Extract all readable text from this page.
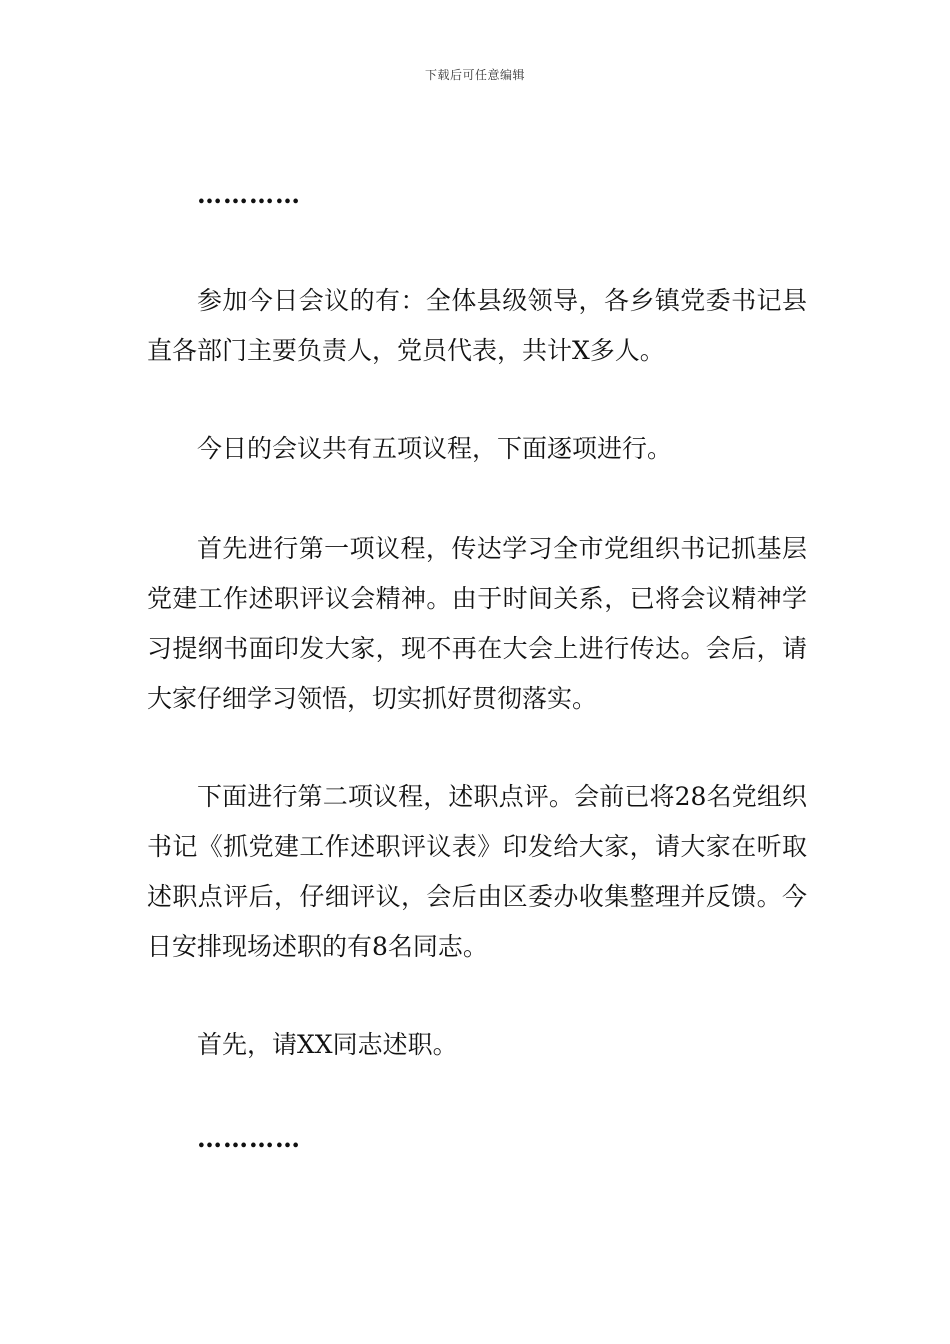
下载后可任意编辑
…………

参加今日会议的有：全体县级领导，各乡镇党委书记县直各部门主要负责人，党员代表，共计X多人。

今日的会议共有五项议程，下面逐项进行。

首先进行第一项议程，传达学习全市党组织书记抓基层党建工作述职评议会精神。由于时间关系，已将会议精神学习提纲书面印发大家，现不再在大会上进行传达。会后，请大家仔细学习领悟，切实抓好贯彻落实。

下面进行第二项议程，述职点评。会前已将28名党组织书记《抓党建工作述职评议表》印发给大家，请大家在听取述职点评后，仔细评议，会后由区委办收集整理并反馈。今日安排现场述职的有8名同志。

首先，请XX同志述职。

…………
